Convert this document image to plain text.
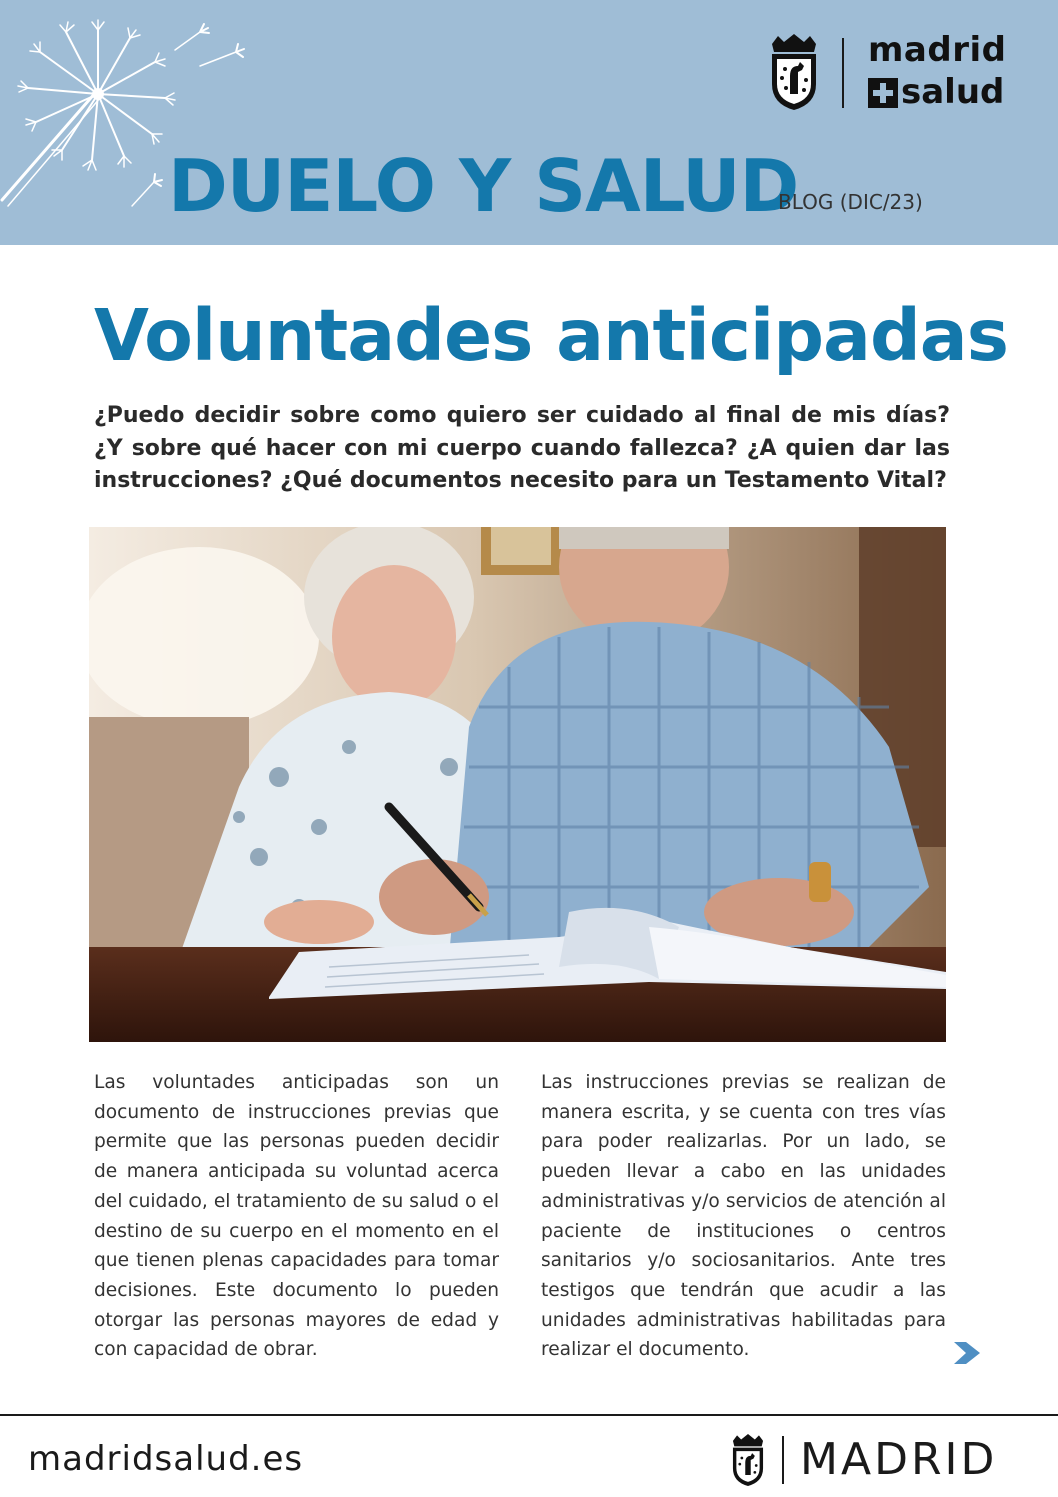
madrid
salud
DUELO Y SALUD
BLOG (DIC/23)
Voluntades anticipadas

¿Puedo decidir sobre como quiero ser cuidado al final de mis días? ¿Y sobre qué hacer con mi cuerpo cuando fallezca? ¿A quien dar las instrucciones? ¿Qué documentos necesito para un Testamento Vital?

Las voluntades anticipadas son un documento de instrucciones previas que permite que las personas pueden decidir de manera anticipada su voluntad acerca del cuidado, el tratamiento de su salud o el destino de su cuerpo en el momento en el que tienen plenas capacidades para tomar decisiones. Este documento lo pueden otorgar las personas mayores de edad y con capacidad de obrar.

Las instrucciones previas se realizan de manera escrita, y se cuenta con tres vías para poder realizarlas. Por un lado, se pueden llevar a cabo en las unidades administrativas y/o servicios de atención al paciente de instituciones o centros sanitarios y/o sociosanitarios. Ante tres testigos que tendrán que acudir a las unidades administrativas habilitadas para realizar el documento.

madridsalud.es	MADRID
